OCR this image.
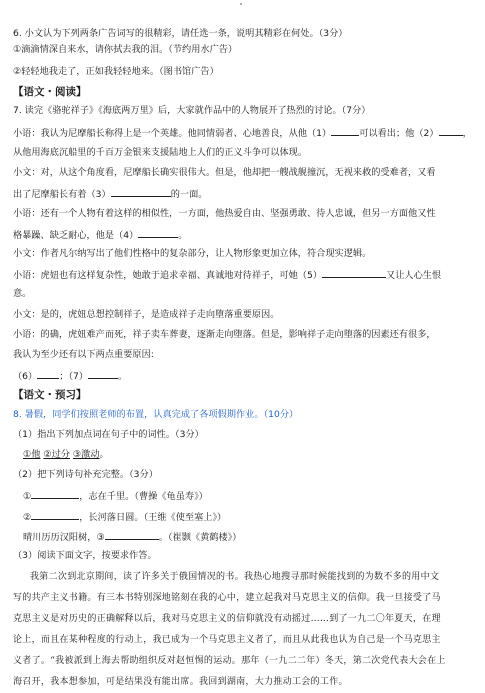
6. 小文认为下列两条广告词写的很精彩，请任选一条，说明其精彩在何处。（3分）
①滴滴情深自来水，请你拭去我的泪。（节约用水广告）
②轻轻地我走了，正如我轻轻地来。（图书馆广告）
【语文・阅读】
7. 读完《骆驼祥子》《海底两万里》后，大家就作品中的人物展开了热烈的讨论。（7分）
小语：我认为尼摩船长称得上是一个英雄。他同情弱者、心地善良，从他（1）	可以看出；他（2）	，
从他用海底沉船里的千百万金银来支援陆地上人们的正义斗争可以体现。
小文：对，从这个角度看，尼摩船长确实很伟大。但是，他却把一艘战舰撞沉，无视来救的受难者，又看
出了尼摩船长有着（3）	的一面。
小语：还有一个人物有着这样的相似性，一方面，他热爱自由、坚强勇敢、待人忠诚，但另一方面他又性
格暴躁、缺乏耐心，他是（4）	。
小文：作者凡尔纳写出了他们性格中的复杂部分，让人物形象更加立体，符合现实逻辑。
小语：虎妞也有这样复杂性，她敢于追求幸福、真诚地对待祥子，可她（5）	又让人心生恨
意。
小文：是的，虎妞总想控制祥子，是造成祥子走向堕落重要原因。
小语：的确，虎妞难产而死，祥子卖车葬妻，逐渐走向堕落。但是，影响祥子走向堕落的因素还有很多，
我认为至少还有以下两点重要原因:
（6） ；（7）	。
【语文・预习】
8. 暑假，同学们按照老师的布置，认真完成了各项假期作业。（10分）
（1）指出下列加点词在句子中的词性。（3分）
①他 ②过分 ③激动。
（2）把下列诗句补充完整。（3分）
①	，志在千里。（曹操《龟虽寿》）
②	，长河落日圆。（王维《使至塞上》）
晴川历历汉阳树，③	。（崔颢《黄鹤楼》）
（3）阅读下面文字，按要求作答。
我第二次到北京期间，读了许多关于俄国情况的书。我热心地搜寻那时候能找到的为数不多的用中文
写的共产主义书籍。有三本书特别深地铭刻在我的心中，建立起我对马克思主义的信仰。我一旦接受了马
克思主义是对历史的正确解释以后，我对马克思主义的信仰就没有动摇过……到了一九二〇年夏天，在理
论上，而且在某种程度的行动上，我已成为一个马克思主义者了，而且从此我也认为自己是一个马克思主
义者了。“我被派到上海去帮助组织反对赵恒惕的运动。那年（一九二二年）冬天，第二次党代表大会在上
海召开，我本想参加，可是结果没有能出席。我回到湖南，大力推动工会的工作。
